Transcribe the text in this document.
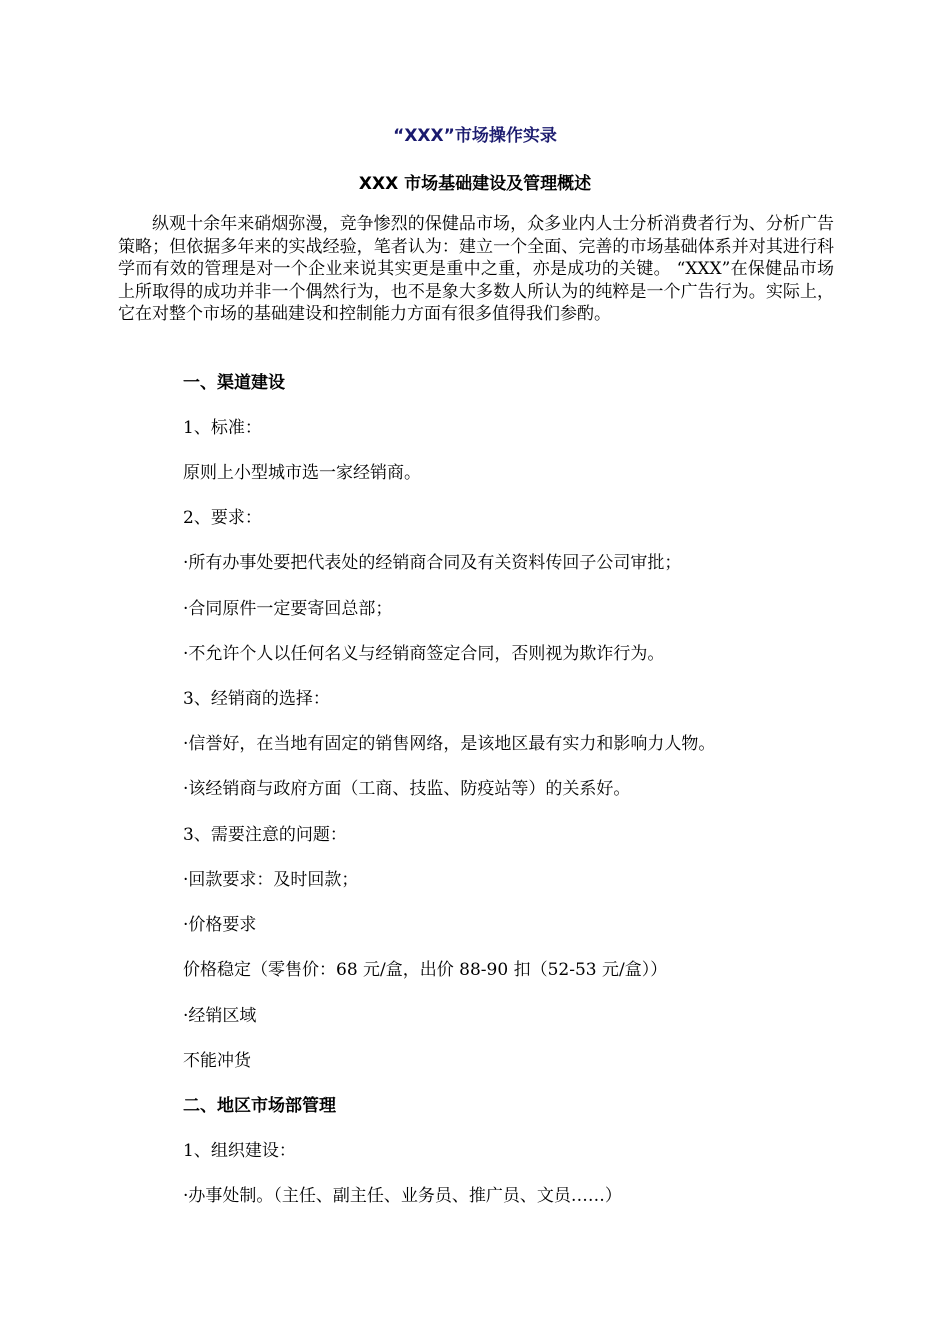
“XXX”市场操作实录
XXX 市场基础建设及管理概述

纵观十余年来硝烟弥漫，竞争惨烈的保健品市场，众多业内人士分析消费者行为、分析广告策略；但依据多年来的实战经验，笔者认为：建立一个全面、完善的市场基础体系并对其进行科学而有效的管理是对一个企业来说其实更是重中之重，亦是成功的关键。 “XXX”在保健品市场上所取得的成功并非一个偶然行为，也不是象大多数人所认为的纯粹是一个广告行为。实际上，它在对整个市场的基础建设和控制能力方面有很多值得我们参酌。

一、渠道建设

1、标准：

原则上小型城市选一家经销商。

2、要求：

·所有办事处要把代表处的经销商合同及有关资料传回子公司审批；

·合同原件一定要寄回总部；

·不允许个人以任何名义与经销商签定合同，否则视为欺诈行为。

3、经销商的选择：

·信誉好，在当地有固定的销售网络，是该地区最有实力和影响力人物。

·该经销商与政府方面（工商、技监、防疫站等）的关系好。

3、需要注意的问题：

·回款要求：及时回款；

·价格要求

价格稳定（零售价：68 元/盒，出价 88-90 扣（52-53 元/盒））

·经销区域

不能冲货

二、地区市场部管理

1、组织建设：

·办事处制。（主任、副主任、业务员、推广员、文员……）
